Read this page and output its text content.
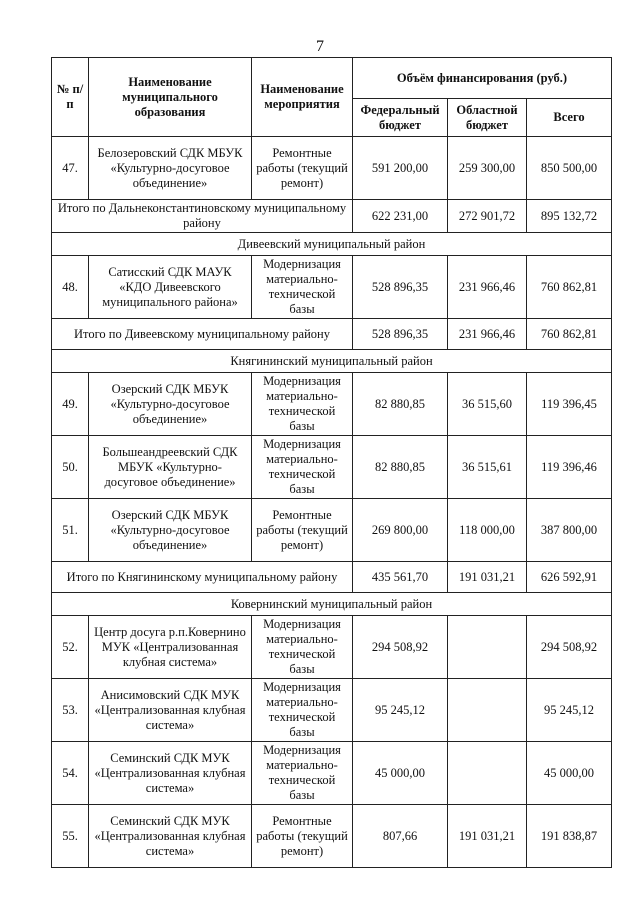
7
№ п/п	Наименование муниципального образования	Наименование мероприятия	Объём финансирования (руб.)		
			Федеральный бюджет	Областной бюджет	Всего
47.	Белозеровский СДК МБУК «Культурно-досуговое объединение»	Ремонтные работы (текущий ремонт)	591 200,00	259 300,00	850 500,00
Итого по Дальнеконстантиновскому муниципальному району			622 231,00	272 901,72	895 132,72
Дивеевский муниципальный район					
48.	Сатисский СДК МАУК «КДО Дивеевского муниципального района»	Модернизация материально-технической базы	528 896,35	231 966,46	760 862,81
Итого по Дивеевскому муниципальному району			528 896,35	231 966,46	760 862,81
Княгининский муниципальный район					
49.	Озерский СДК МБУК «Культурно-досуговое объединение»	Модернизация материально-технической базы	82 880,85	36 515,60	119 396,45
50.	Большеандреевский СДК МБУК «Культурно-досуговое объединение»	Модернизация материально-технической базы	82 880,85	36 515,61	119 396,46
51.	Озерский СДК МБУК «Культурно-досуговое объединение»	Ремонтные работы (текущий ремонт)	269 800,00	118 000,00	387 800,00
Итого по Княгининскому муниципальному району			435 561,70	191 031,21	626 592,91
Ковернинский муниципальный район					
52.	Центр досуга р.п.Ковернино МУК «Централизованная клубная система»	Модернизация материально-технической базы	294 508,92		294 508,92
53.	Анисимовский СДК МУК «Централизованная клубная система»	Модернизация материально-технической базы	95 245,12		95 245,12
54.	Семинский СДК МУК «Централизованная клубная система»	Модернизация материально-технической базы	45 000,00		45 000,00
55.	Семинский СДК МУК «Централизованная клубная система»	Ремонтные работы (текущий ремонт)	807,66	191 031,21	191 838,87
